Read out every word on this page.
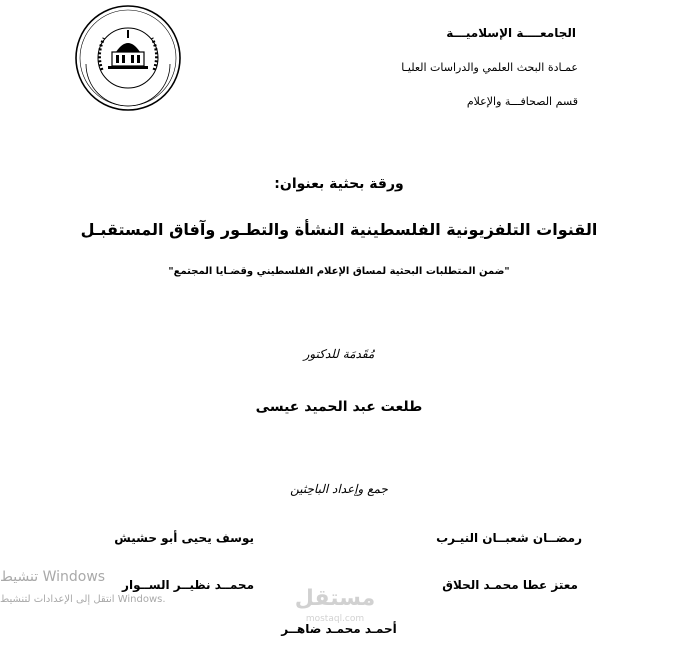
الجامعــــة الإسلاميـــة
عمـادة البحث العلمي والدراسات العليـا
قسم الصحافـــة والإعلام
ورقة بحثية بعنوان:
القنوات التلفزيونية الفلسطينية النشأة والتطـور وآفاق المستقبـل
"ضمن المتطلبات البحثية لمساق الإعلام الفلسطيني وقضـايا المجتمع"
مُقَدمَة للدكتور
طلعت عبد الحميد عيسى
جمع وإعداد الباحِثين
رمضــان شعبــان النيـرب
يوسف يحيى أبو حشيش
معتز عطا محمـد الحلاق
محمــد نظيــر الســوار
أحمـد محمـد ضاهــر
تنشيط Windows
انتقل إلى الإعدادات لتنشيط Windows.	مستقل
mostaql.com
